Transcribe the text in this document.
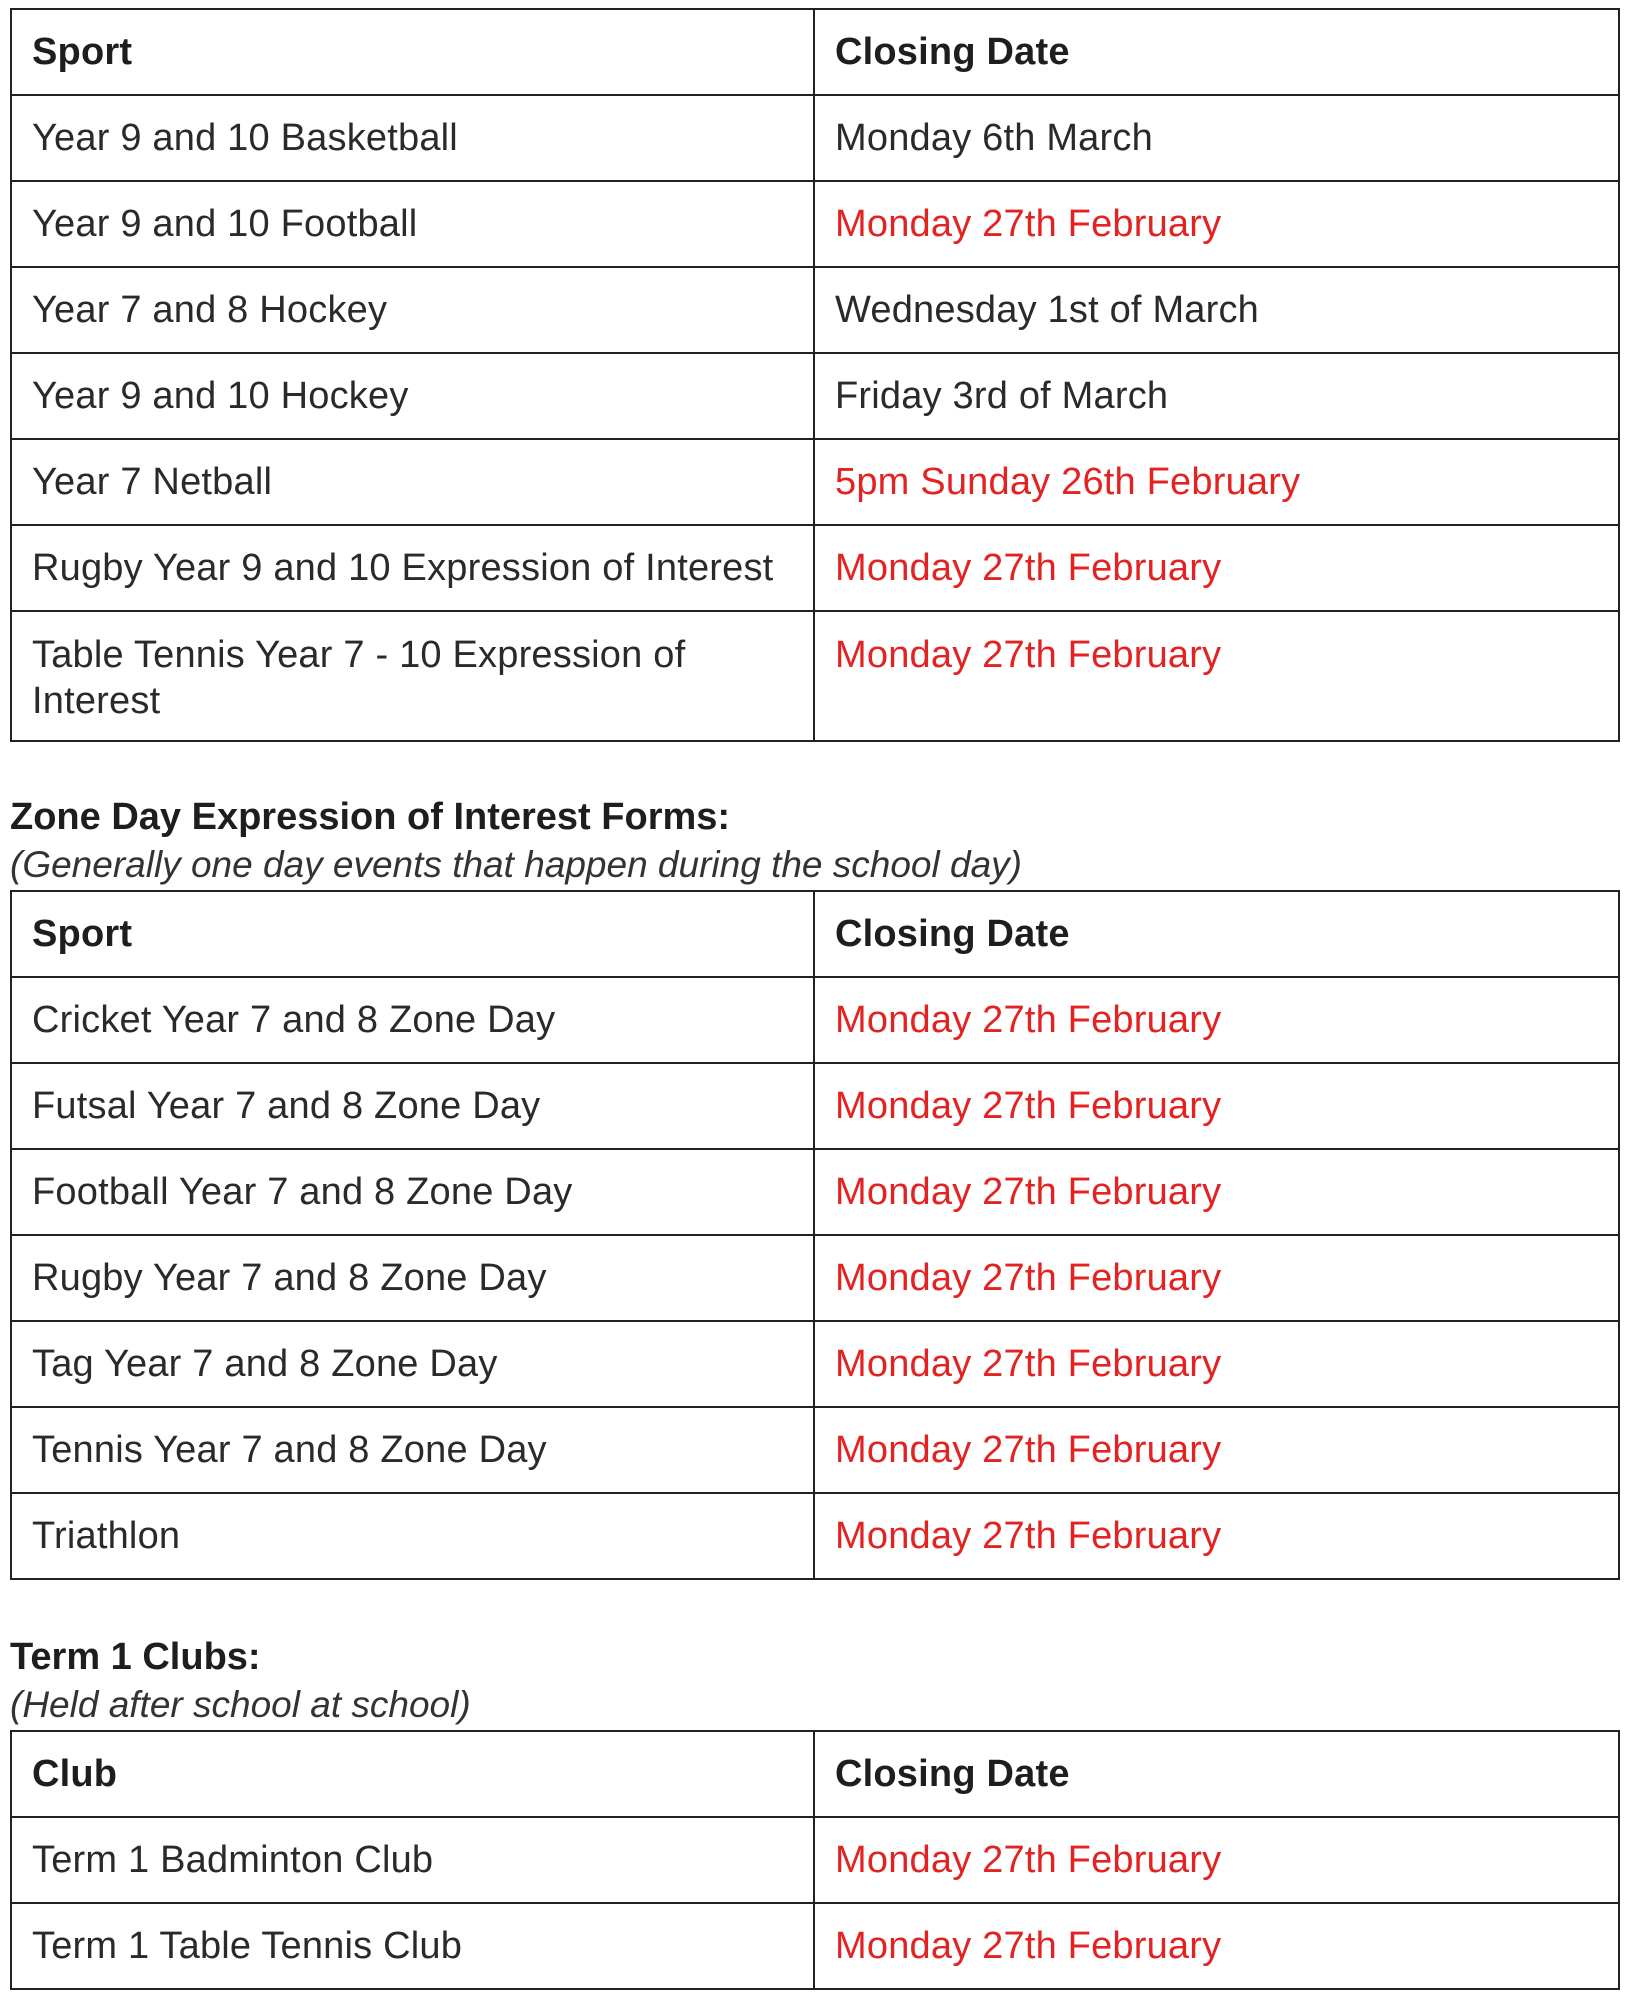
Sport	Closing Date
Year 9 and 10 Basketball	Monday 6th March
Year 9 and 10 Football	Monday 27th February
Year 7 and 8 Hockey	Wednesday 1st of March
Year 9 and 10 Hockey	Friday 3rd of March
Year 7 Netball	5pm Sunday 26th February
Rugby Year 9 and 10 Expression of Interest	Monday 27th February
Table Tennis Year 7 - 10 Expression of Interest	Monday 27th February

Zone Day Expression of Interest Forms:

(Generally one day events that happen during the school day)

Sport	Closing Date
Cricket Year 7 and 8 Zone Day	Monday 27th February
Futsal Year 7 and 8 Zone Day	Monday 27th February
Football Year 7 and 8 Zone Day	Monday 27th February
Rugby Year 7 and 8 Zone Day	Monday 27th February
Tag Year 7 and 8 Zone Day	Monday 27th February
Tennis Year 7 and 8 Zone Day	Monday 27th February
Triathlon	Monday 27th February

Term 1 Clubs:

(Held after school at school)

Club	Closing Date
Term 1 Badminton Club	Monday 27th February
Term 1 Table Tennis Club	Monday 27th February
